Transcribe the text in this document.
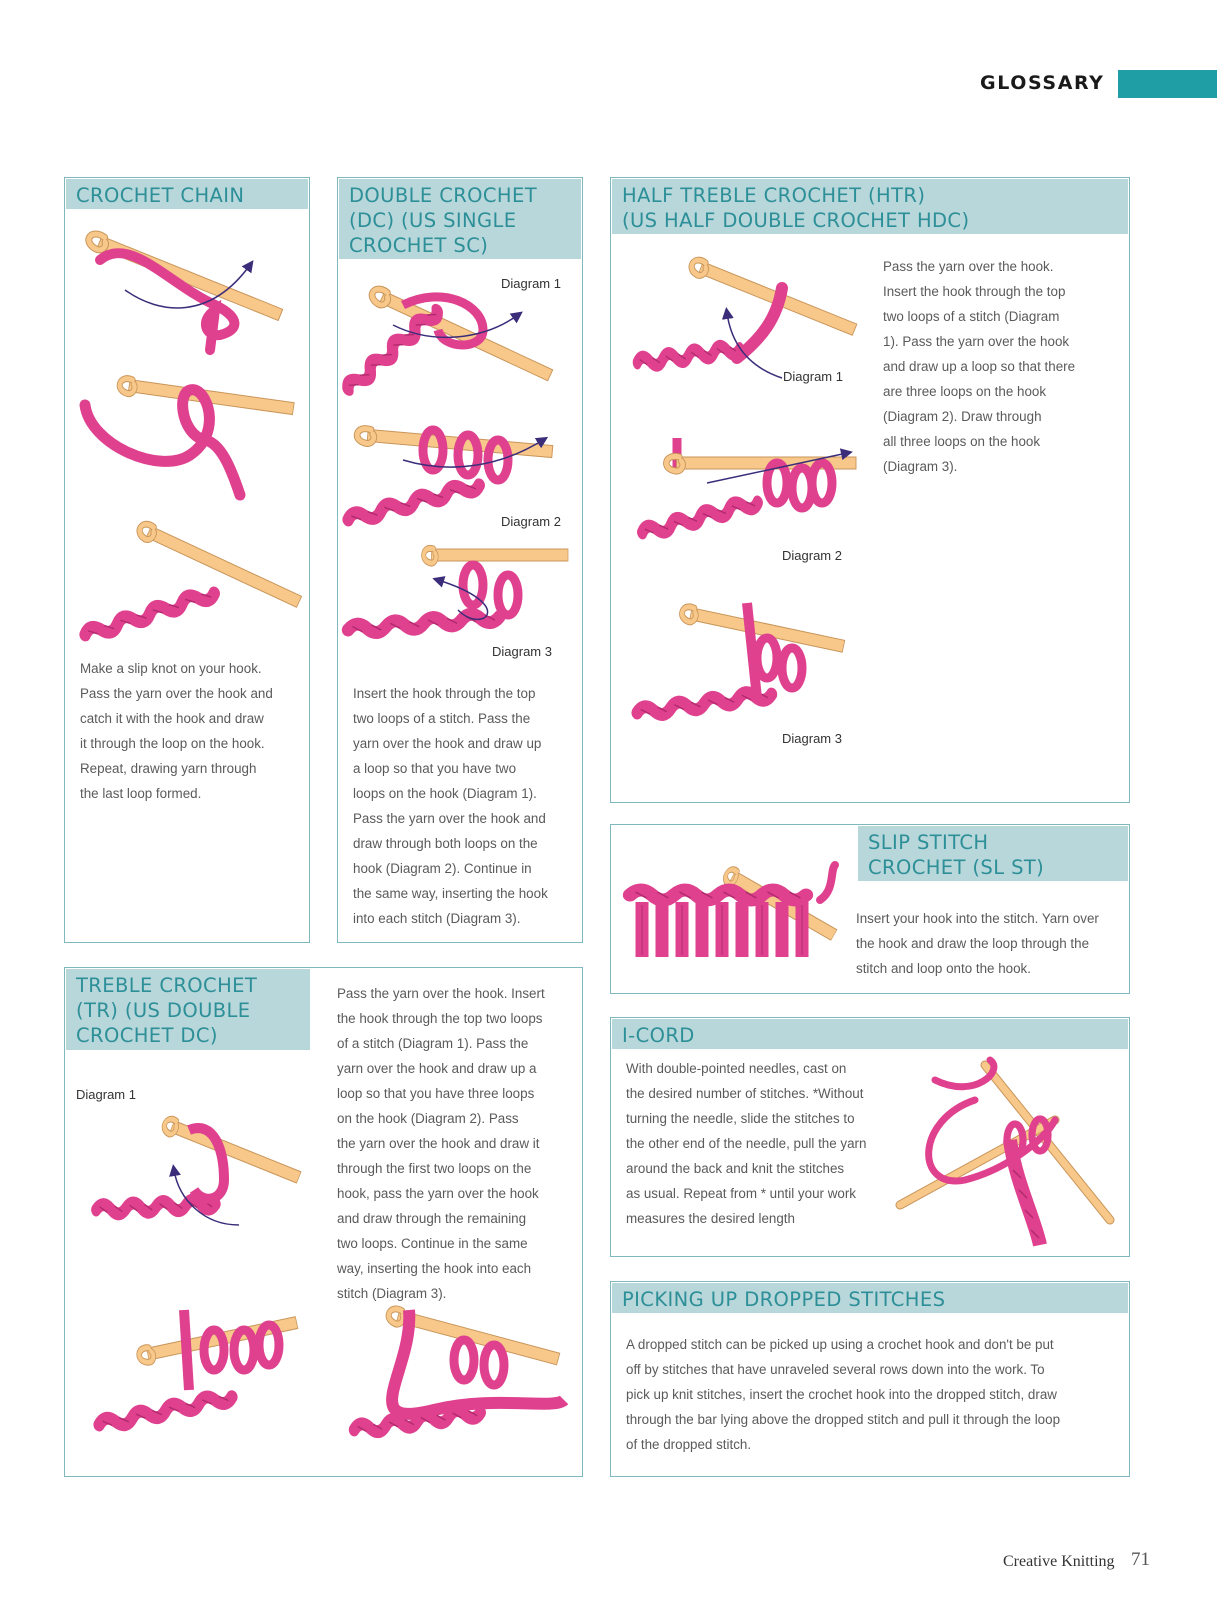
GLOSSARY
CROCHET CHAIN
Make a slip knot on your hook.
Pass the yarn over the hook and
catch it with the hook and draw
it through the loop on the hook.
Repeat, drawing yarn through
the last loop formed.
DOUBLE CROCHET
(DC) (US SINGLE
CROCHET SC)
Diagram 1
Diagram 2
Diagram 3
Insert the hook through the top
two loops of a stitch. Pass the
yarn over the hook and draw up
a loop so that you have two
loops on the hook (Diagram 1).
Pass the yarn over the hook and
draw through both loops on the
hook (Diagram 2). Continue in
the same way, inserting the hook
into each stitch (Diagram 3).
HALF TREBLE CROCHET (HTR)
(US HALF DOUBLE CROCHET HDC)
Diagram 1
Diagram 2
Diagram 3
Pass the yarn over the hook.
Insert the hook through the top
two loops of a stitch (Diagram
1). Pass the yarn over the hook
and draw up a loop so that there
are three loops on the hook
(Diagram 2). Draw through
all three loops on the hook
(Diagram 3).
SLIP STITCH
CROCHET (SL ST)
Insert your hook into the stitch. Yarn over
the hook and draw the loop through the
stitch and loop onto the hook.
TREBLE CROCHET
(TR) (US DOUBLE
CROCHET DC)
Diagram 1
Pass the yarn over the hook. Insert
the hook through the top two loops
of a stitch (Diagram 1). Pass the
yarn over the hook and draw up a
loop so that you have three loops
on the hook (Diagram 2). Pass
the yarn over the hook and draw it
through the first two loops on the
hook, pass the yarn over the hook
and draw through the remaining
two loops. Continue in the same
way, inserting the hook into each
stitch (Diagram 3).
I-CORD
With double-pointed needles, cast on
the desired number of stitches. *Without
turning the needle, slide the stitches to
the other end of the needle, pull the yarn
around the back and knit the stitches
as usual. Repeat from * until your work
measures the desired length
PICKING UP DROPPED STITCHES
A dropped stitch can be picked up using a crochet hook and don't be put
off by stitches that have unraveled several rows down into the work. To
pick up knit stitches, insert the crochet hook into the dropped stitch, draw
through the bar lying above the dropped stitch and pull it through the loop
of the dropped stitch.
Creative Knitting 71
